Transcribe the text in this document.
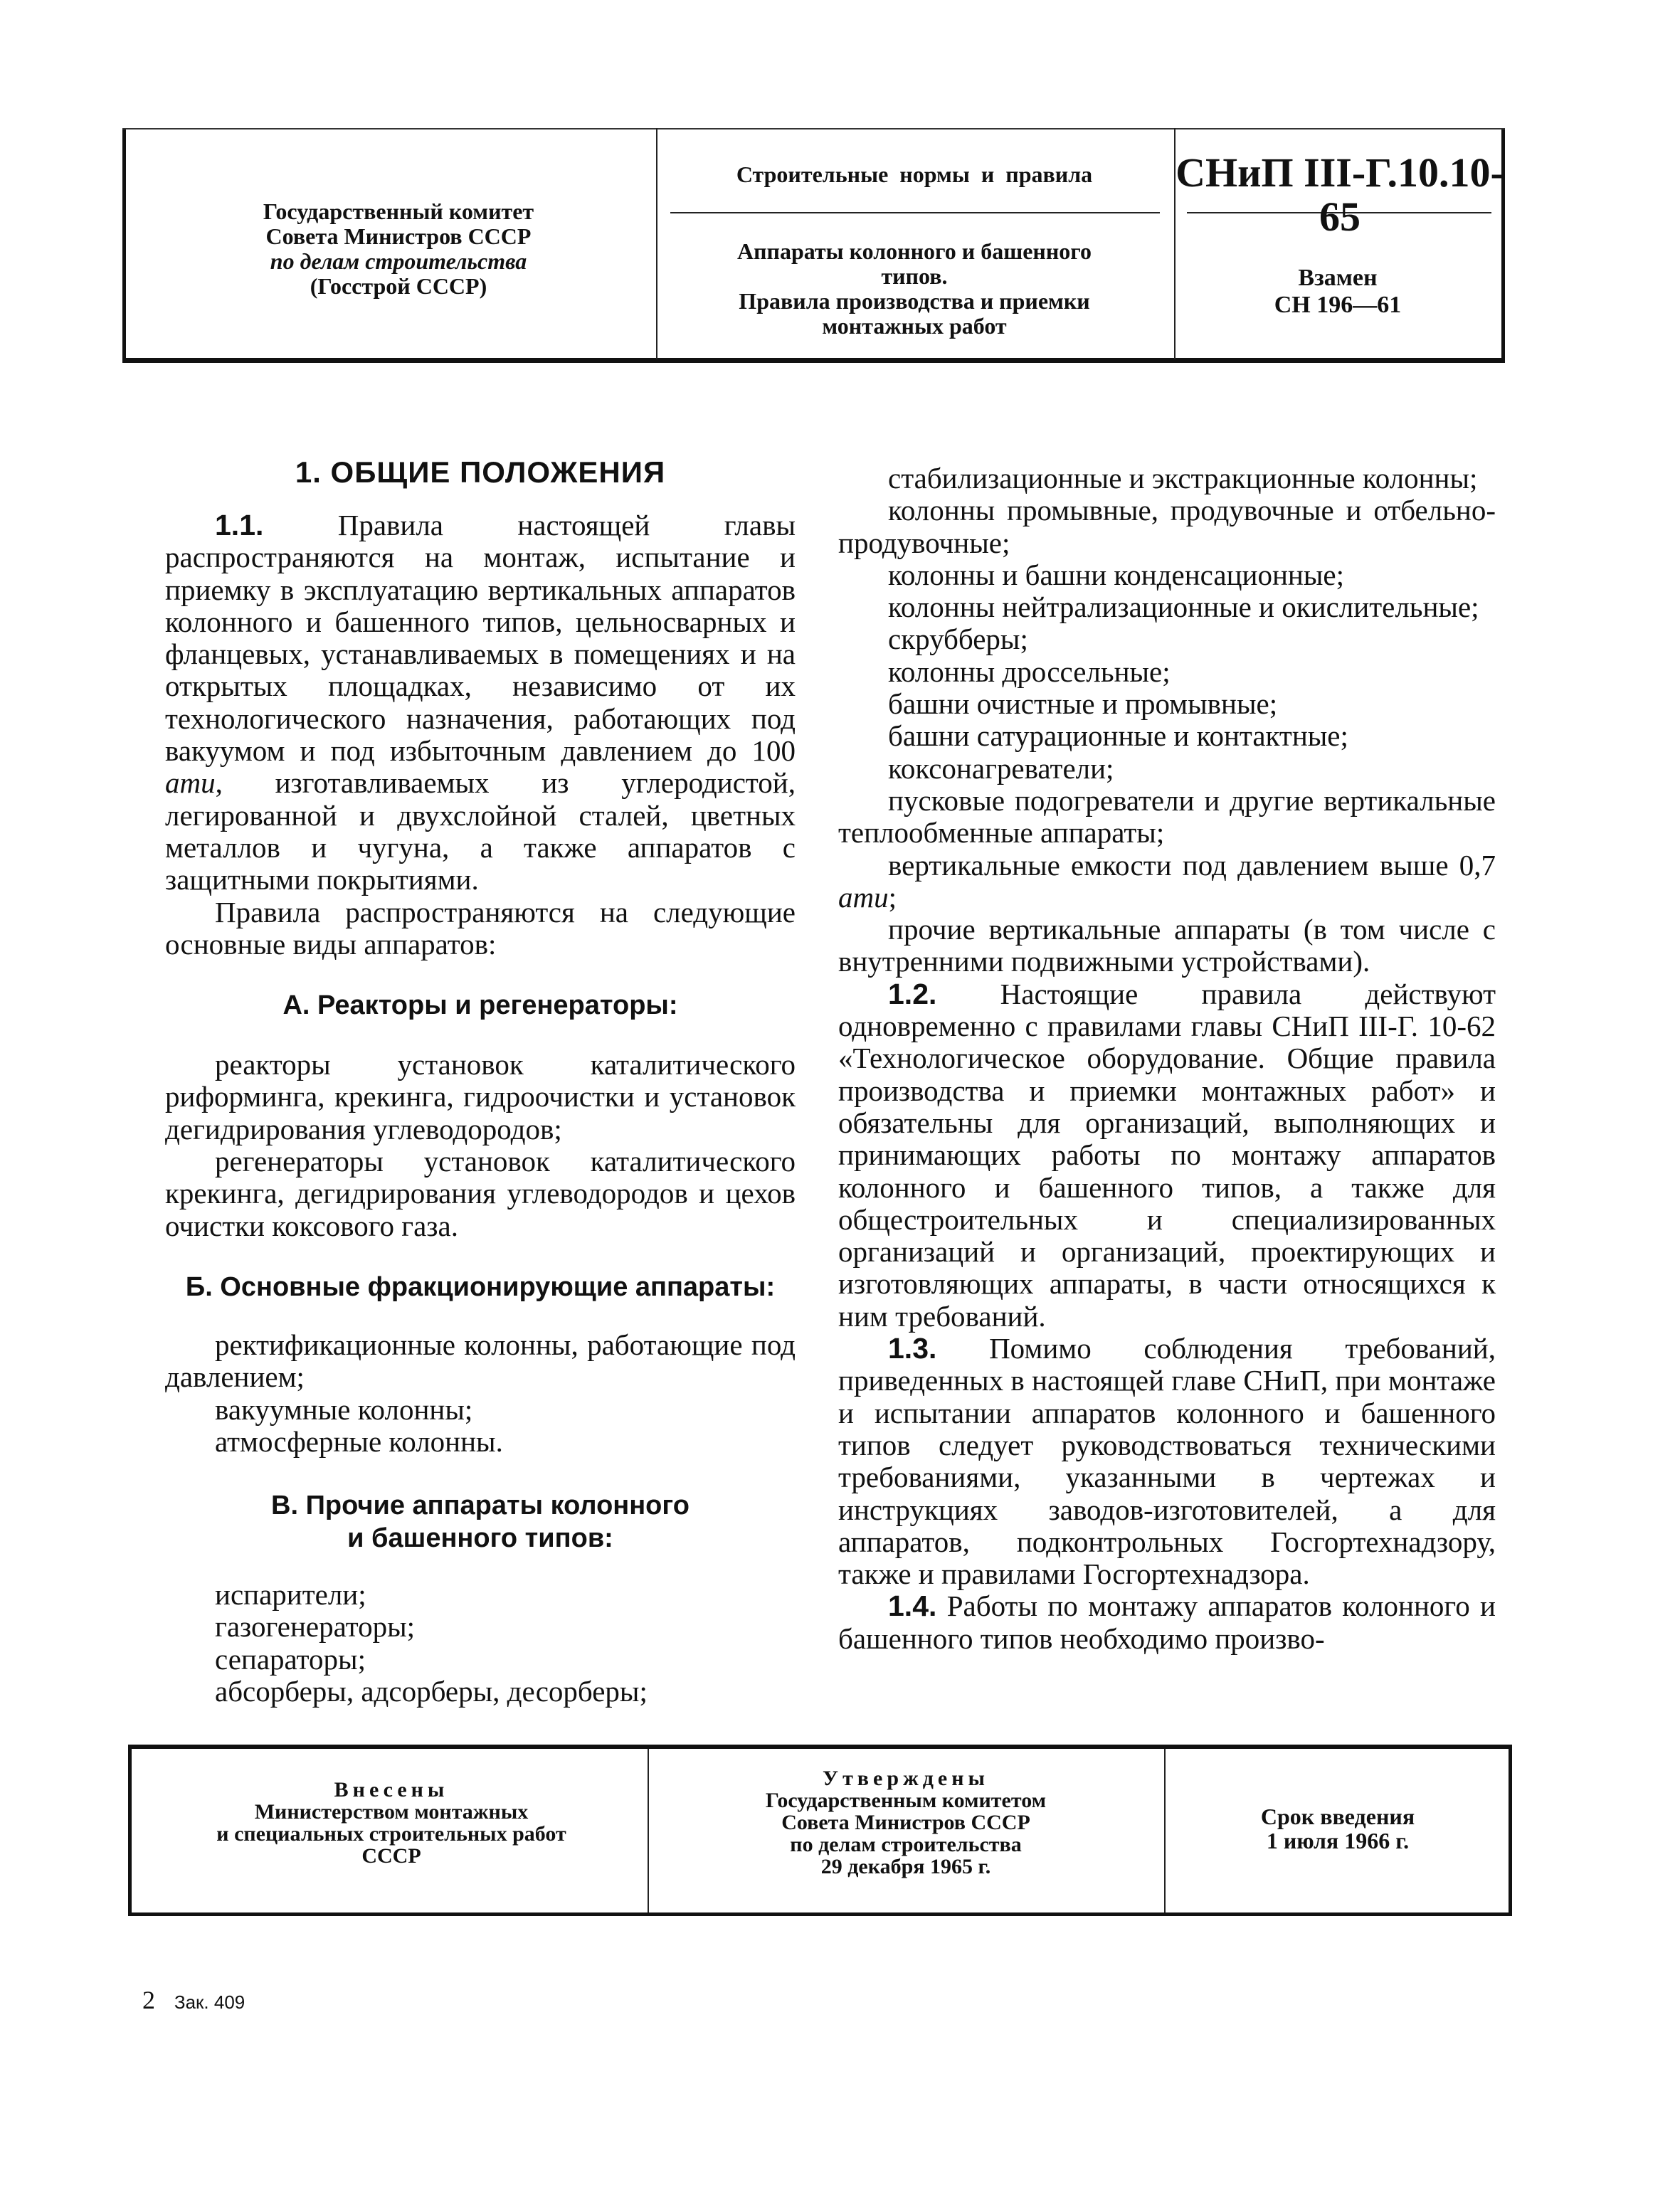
Государственный комитет
Совета Министров СССР
по делам строительства
(Госстрой СССР)
Строительные нормы и правила
Аппараты колонного и башенного
типов.
Правила производства и приемки
монтажных работ
СНиП III-Г.10.10-65
Взамен
СН 196—61
1. ОБЩИЕ ПОЛОЖЕНИЯ

1.1.	Правила настоящей главы распространяются на монтаж, испытание и приемку в эксплуатацию вертикальных аппаратов колонного и башенного типов, цельносварных и фланцевых, устанавливаемых в помещениях и на открытых площадках, независимо от их технологического назначения, работающих под вакуумом и под избыточным давлением до 100 ати, изготавливаемых из углеродистой, легированной и двухслойной сталей, цветных металлов и чугуна, а также аппаратов с защитными покрытиями.

Правила распространяются на следующие основные виды аппаратов:

А. Реакторы и регенераторы:

реакторы установок каталитического риформинга, крекинга, гидроочистки и установок дегидрирования углеводородов;

регенераторы установок каталитического крекинга, дегидрирования углеводородов и цехов очистки коксового газа.

Б. Основные фракционирующие аппараты:

ректификационные колонны, работающие под давлением;

вакуумные колонны;

атмосферные колонны.

В. Прочие аппараты колонного
и башенного типов:

испарители;

газогенераторы;

сепараторы;

абсорберы, адсорберы, десорберы;

стабилизационные и экстракционные колонны;

колонны промывные, продувочные и отбельно-продувочные;

колонны и башни конденсационные;

колонны нейтрализационные и окислительные;

скрубберы;

колонны дроссельные;

башни очистные и промывные;

башни сатурационные и контактные;

коксонагреватели;

пусковые подогреватели и другие вертикальные теплообменные аппараты;

вертикальные емкости под давлением выше 0,7 ати;

прочие вертикальные аппараты (в том числе с внутренними подвижными устройствами).

1.2. Настоящие правила действуют одновременно с правилами главы СНиП III-Г. 10-62 «Технологическое оборудование. Общие правила производства и приемки монтажных работ» и обязательны для организаций, выполняющих и принимающих работы по монтажу аппаратов колонного и башенного типов, а также для общестроительных и специализированных организаций и организаций, проектирующих и изготовляющих аппараты, в части относящихся к ним требований.

1.3. Помимо соблюдения требований, приведенных в настоящей главе СНиП, при монтаже и испытании аппаратов колонного и башенного типов следует руководствоваться техническими требованиями, указанными в чертежах и инструкциях заводов-изготовителей, а для аппаратов, подконтрольных Госгортехнадзору, также и правилами Госгортехнадзора.

1.4. Работы по монтажу аппаратов колонного и башенного типов необходимо произво-

Внесены
Министерством монтажных
и специальных строительных работ
СССР
Утверждены
Государственным комитетом
Совета Министров СССР
по делам строительства
29 декабря 1965 г.
Срок введения
1 июля 1966 г.
2 Зак. 409
